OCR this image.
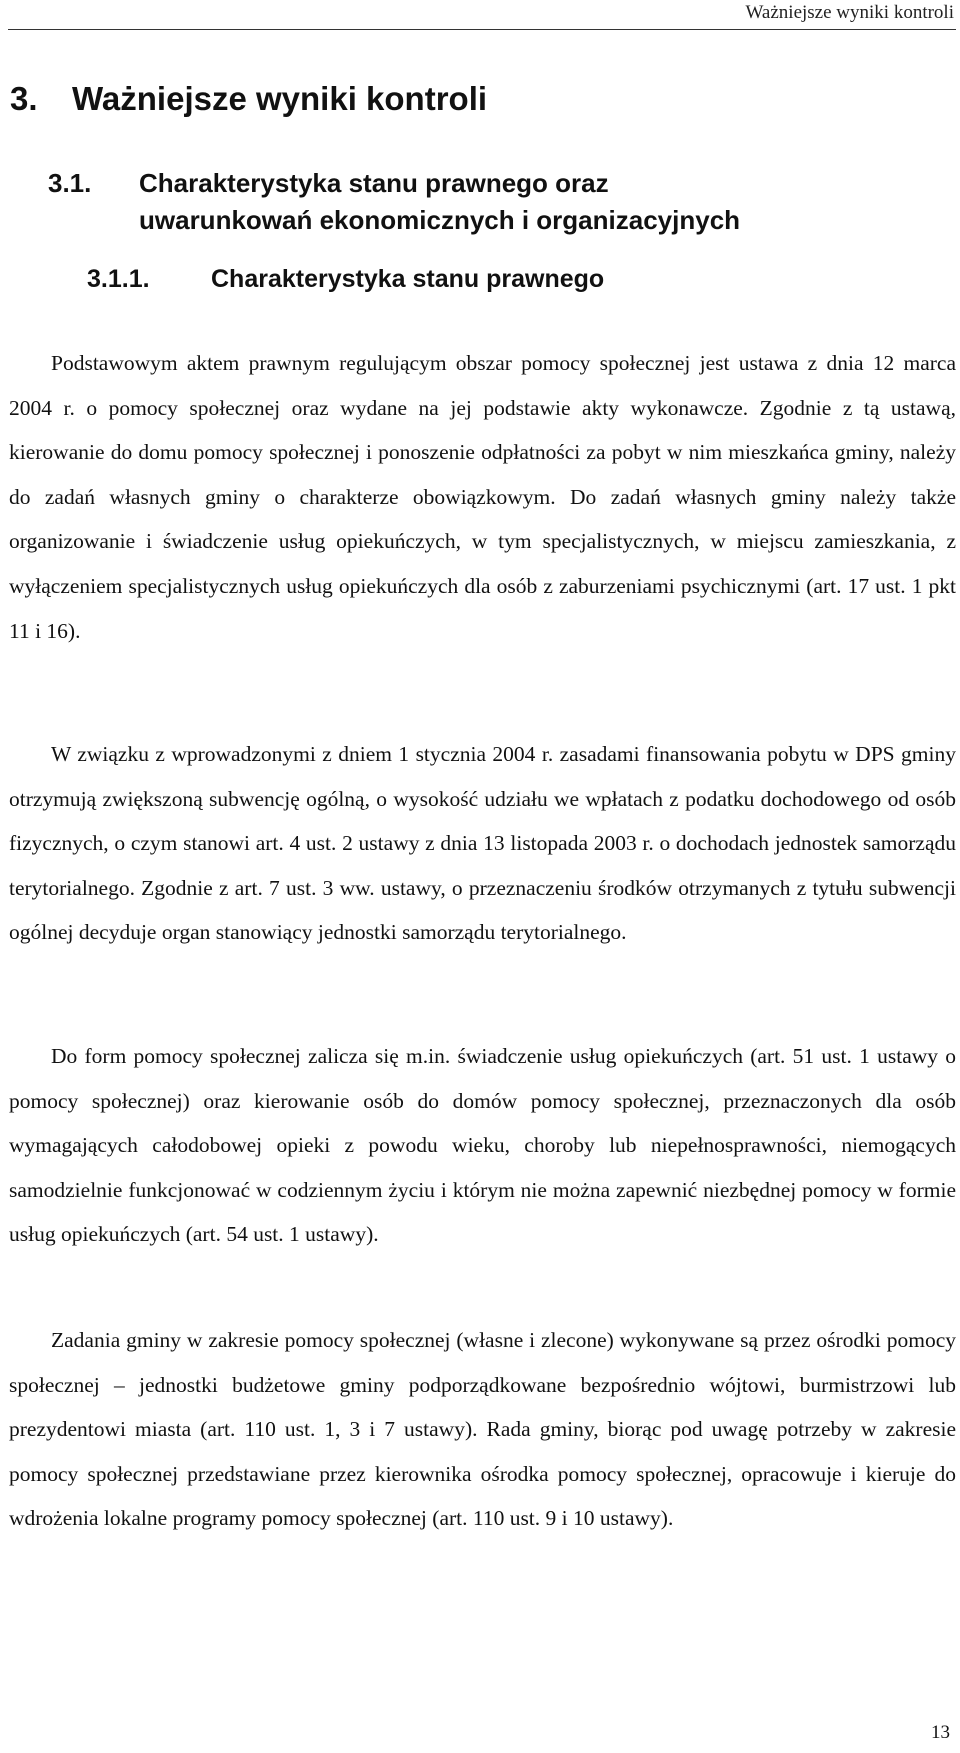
Ważniejsze wyniki kontroli
3. Ważniejsze wyniki kontroli
3.1. Charakterystyka stanu prawnego oraz
uwarunkowań ekonomicznych i organizacyjnych
3.1.1. Charakterystyka stanu prawnego

Podstawowym aktem prawnym regulującym obszar pomocy społecznej jest ustawa z dnia 12 marca 2004 r. o pomocy społecznej oraz wydane na jej podstawie akty wykonawcze. Zgodnie z tą ustawą, kierowanie do domu pomocy społecznej i ponoszenie odpłatności za pobyt w nim mieszkańca gminy, należy do zadań własnych gminy o charakterze obowiązkowym. Do zadań własnych gminy należy także organizowanie i świadczenie usług opiekuńczych, w tym specjalistycznych, w miejscu zamieszkania, z wyłączeniem specjalistycznych usług opiekuńczych dla osób z zaburzeniami psychicznymi (art. 17 ust. 1 pkt 11 i 16).

W związku z wprowadzonymi z dniem 1 stycznia 2004 r. zasadami finansowania pobytu w DPS gminy otrzymują zwiększoną subwencję ogólną, o wysokość udziału we wpłatach z podatku dochodowego od osób fizycznych, o czym stanowi art. 4 ust. 2 ustawy z dnia 13 listopada 2003 r. o dochodach jednostek samorządu terytorialnego. Zgodnie z art. 7 ust. 3 ww. ustawy, o przeznaczeniu środków otrzymanych z tytułu subwencji ogólnej decyduje organ stanowiący jednostki samorządu terytorialnego.

Do form pomocy społecznej zalicza się m.in. świadczenie usług opiekuńczych (art. 51 ust. 1 ustawy o pomocy społecznej) oraz kierowanie osób do domów pomocy społecznej, przeznaczonych dla osób wymagających całodobowej opieki z powodu wieku, choroby lub niepełnosprawności, niemogących samodzielnie funkcjonować w codziennym życiu i którym nie można zapewnić niezbędnej pomocy w formie usług opiekuńczych (art. 54 ust. 1 ustawy).

Zadania gminy w zakresie pomocy społecznej (własne i zlecone) wykonywane są przez ośrodki pomocy społecznej – jednostki budżetowe gminy podporządkowane bezpośrednio wójtowi, burmistrzowi lub prezydentowi miasta (art. 110 ust. 1, 3 i 7 ustawy). Rada gminy, biorąc pod uwagę potrzeby w zakresie pomocy społecznej przedstawiane przez kierownika ośrodka pomocy społecznej, opracowuje i kieruje do wdrożenia lokalne programy pomocy społecznej (art. 110 ust. 9 i 10 ustawy).

13
